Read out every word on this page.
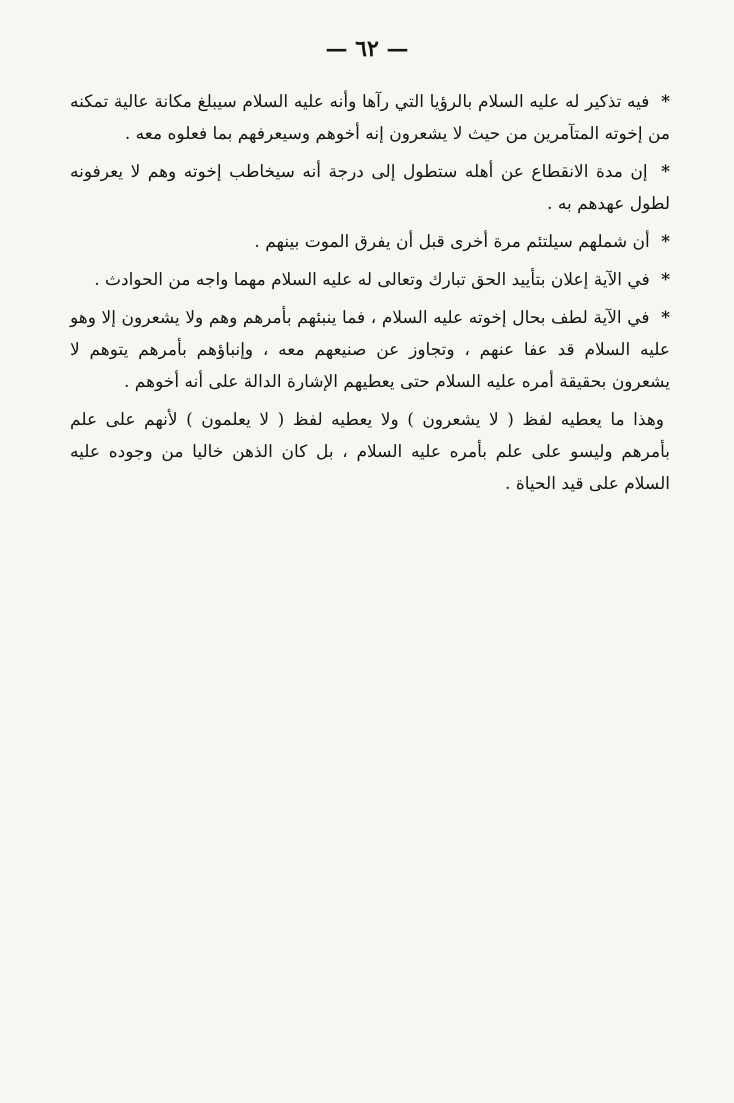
— ٦٢ —

* فيه تذكير له عليه السلام بالرؤيا التي رآها وأنه عليه السلام سيبلغ مكانة عالية تمكنه من إخوته المتآمرين من حيث لا يشعرون إنه أخوهم وسيعرفهم بما فعلوه معه .

* إن مدة الانقطاع عن أهله ستطول إلى درجة أنه سيخاطب إخوته وهم لا يعرفونه لطول عهدهم به .

* أن شملهم سيلتئم مرة أخرى قبل أن يفرق الموت بينهم .

* في الآية إعلان بتأييد الحق تبارك وتعالى له عليه السلام مهما واجه من الحوادث .

* في الآية لطف بحال إخوته عليه السلام ، فما ينبئهم بأمرهم وهم ولا يشعرون إلا وهو عليه السلام قد عفا عنهم ، وتجاوز عن صنيعهم معه ، وإنباؤهم بأمرهم يتوهم لا يشعرون بحقيقة أمره عليه السلام حتى يعطيهم الإشارة الدالة على أنه أخوهم .

وهذا ما يعطيه لفظ ( لا يشعرون ) ولا يعطيه لفظ ( لا يعلمون ) لأنهم على علم بأمرهم وليسو على علم بأمره عليه السلام ، بل كان الذهن خاليا من وجوده عليه السلام على قيد الحياة .
